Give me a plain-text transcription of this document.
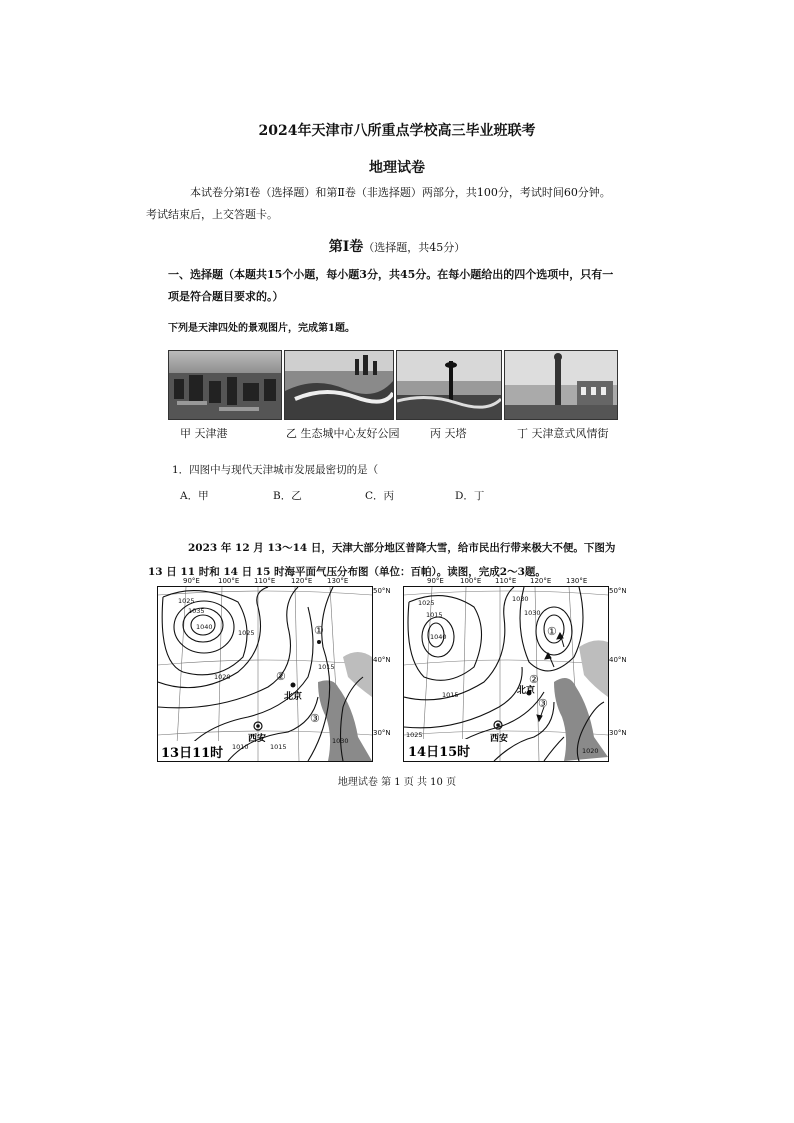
2024年天津市八所重点学校高三毕业班联考
地理试卷
本试卷分第Ⅰ卷（选择题）和第Ⅱ卷（非选择题）两部分，共100分，考试时间60分钟。
考试结束后，上交答题卡。
第Ⅰ卷（选择题，共45分）
一、选择题（本题共15个小题，每小题3分，共45分。在每小题给出的四个选项中，只有一
项是符合题目要求的。）
下列是天津四处的景观图片，完成第1题。
甲 天津港	乙 生态城中心友好公园	丙 天塔	丁 天津意式风情街
1．四图中与现代天津城市发展最密切的是（
A．甲	B．乙	C．丙	D．丁
2023 年 12 月 13～14 日，天津大部分地区普降大雪，给市民出行带来极大不便。下图为
13 日 11 时和 14 日 15 时海平面气压分布图（单位：百帕）。读图，完成2～3题。
90°E	100°E 110°E 120°E 130°E
50°N
40°N
30°N
1025
1035
1040
1025
1020
1015
1010	1015
1030
①
②
③
北京
西安
13日11时
90°E 100°E 110°E 120°E 130°E
50°N
40°N
30°N
1025
1015
1040
1030
1030
1015
1020
1025
①
②
③
北京
西安
14日15时
地理试卷 第 1 页 共 10 页
